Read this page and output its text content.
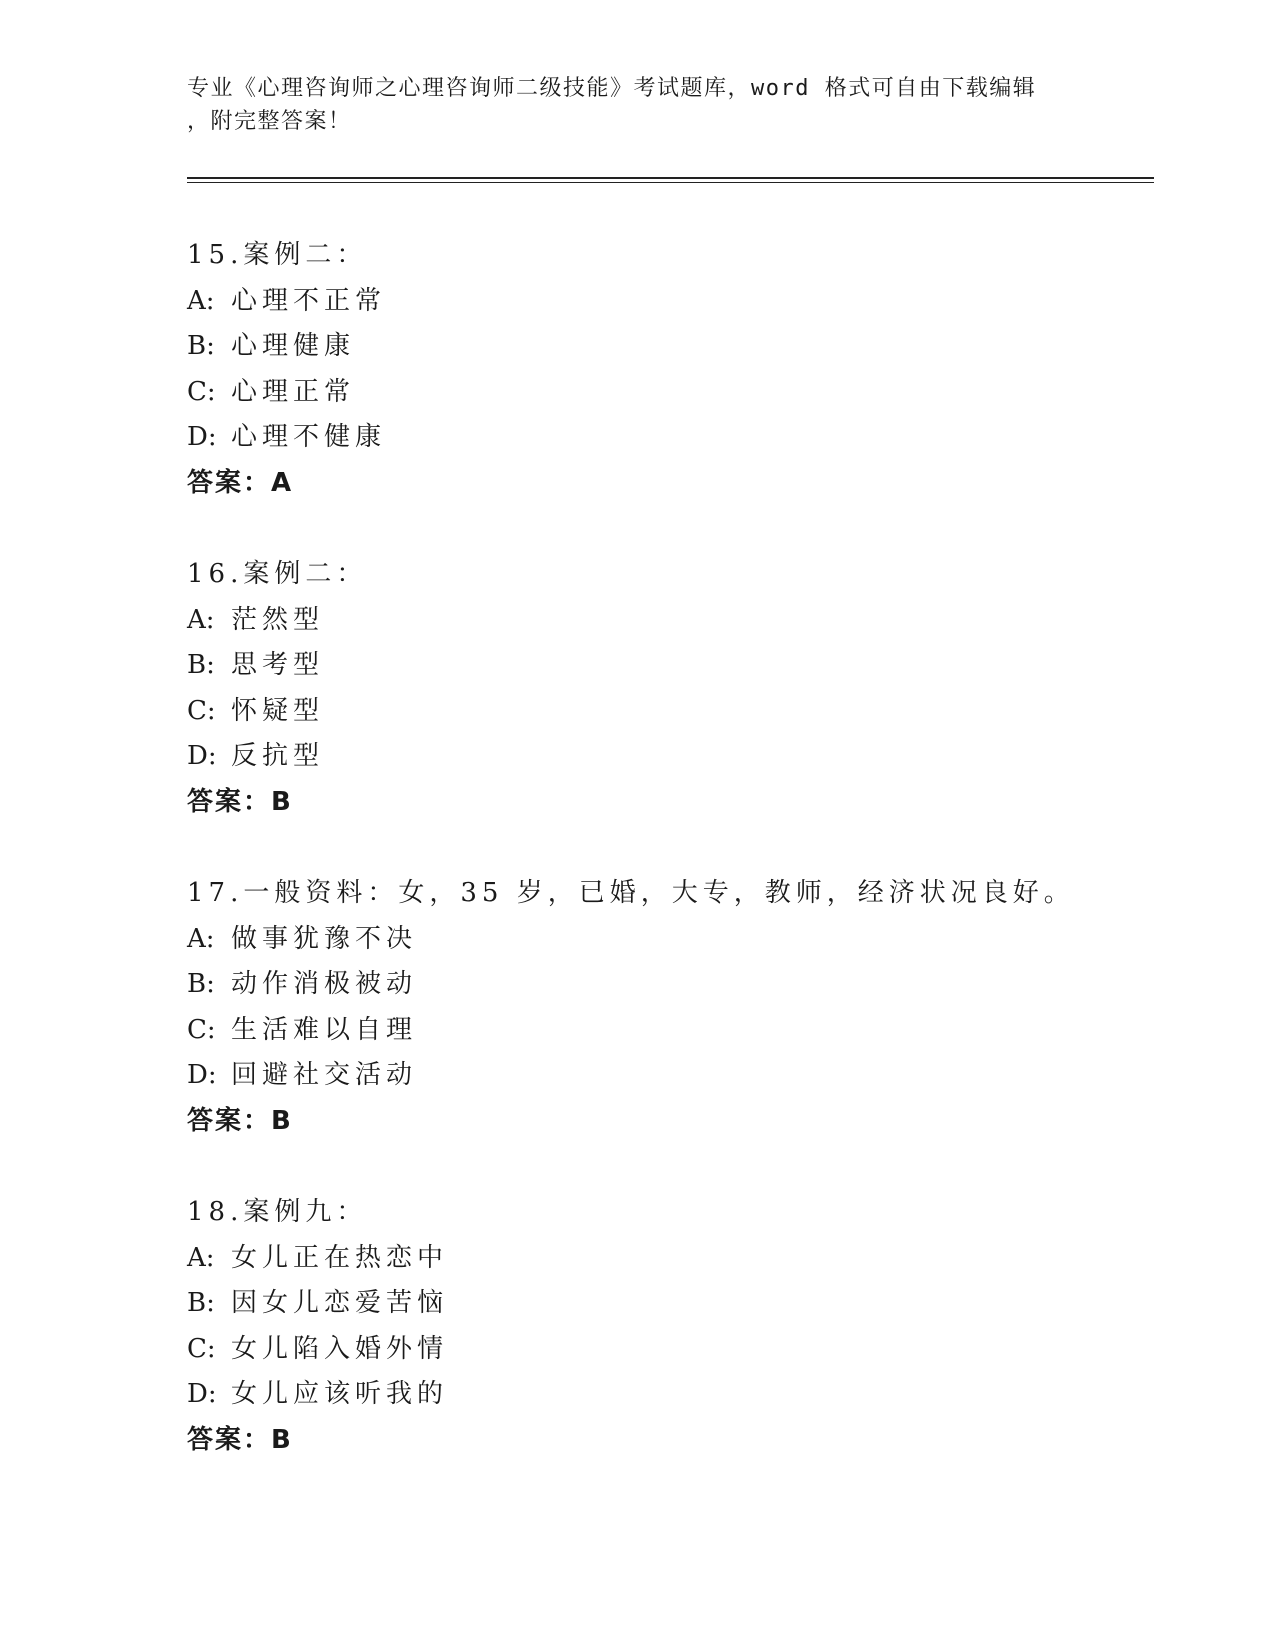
专业《心理咨询师之心理咨询师二级技能》考试题库，word 格式可自由下载编辑
，附完整答案！
15.案例二：
A: 心理不正常
B: 心理健康
C: 心理正常
D: 心理不健康
答案：A
16.案例二：
A: 茫然型
B: 思考型
C: 怀疑型
D: 反抗型
答案：B
17.一般资料：女，35 岁，已婚，大专，教师，经济状况良好。
A: 做事犹豫不决
B: 动作消极被动
C: 生活难以自理
D: 回避社交活动
答案：B
18.案例九：
A: 女儿正在热恋中
B: 因女儿恋爱苦恼
C: 女儿陷入婚外情
D: 女儿应该听我的
答案：B
